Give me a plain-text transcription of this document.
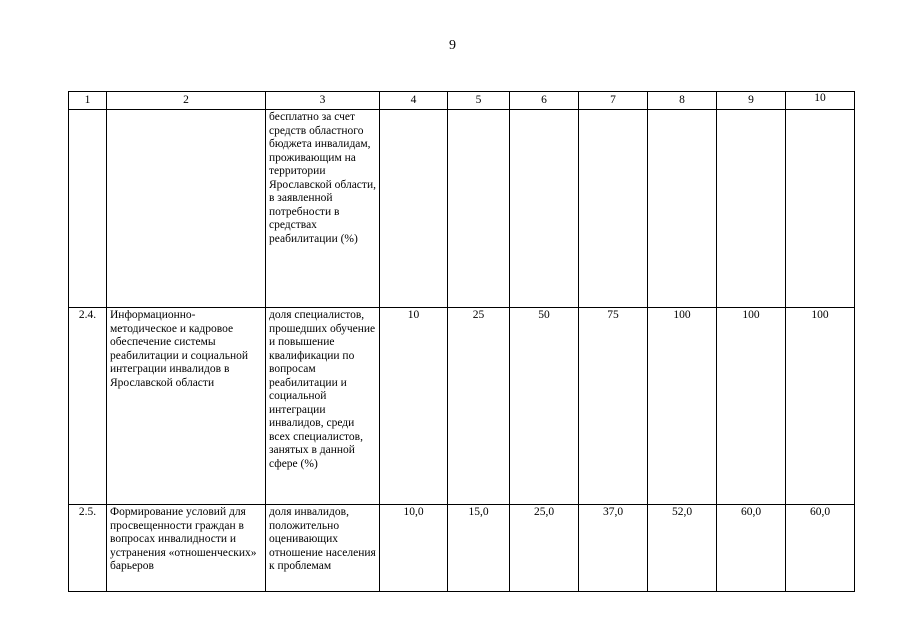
9
1	2	3	4	5	6	7	8	9	10
		бесплатно за счет средств областного бюджета инвалидам, проживающим на территории Ярославской области, в заявленной потребности в средствах реабилитации (%)							
2.4.	Информационно-методическое и кадровое обеспечение системы реабилитации и социальной интеграции инвалидов в Ярославской области	доля специалистов, прошедших обучение и повышение квалификации по вопросам реабилитации и социальной интеграции инвалидов, среди всех специалистов, занятых в данной сфере (%)	10	25	50	75	100	100	100
2.5.	Формирование условий для просвещенности граждан в вопросах инвалидности и устранения «отношенческих» барьеров	доля инвалидов, положительно оценивающих отношение населения к проблемам	10,0	15,0	25,0	37,0	52,0	60,0	60,0
